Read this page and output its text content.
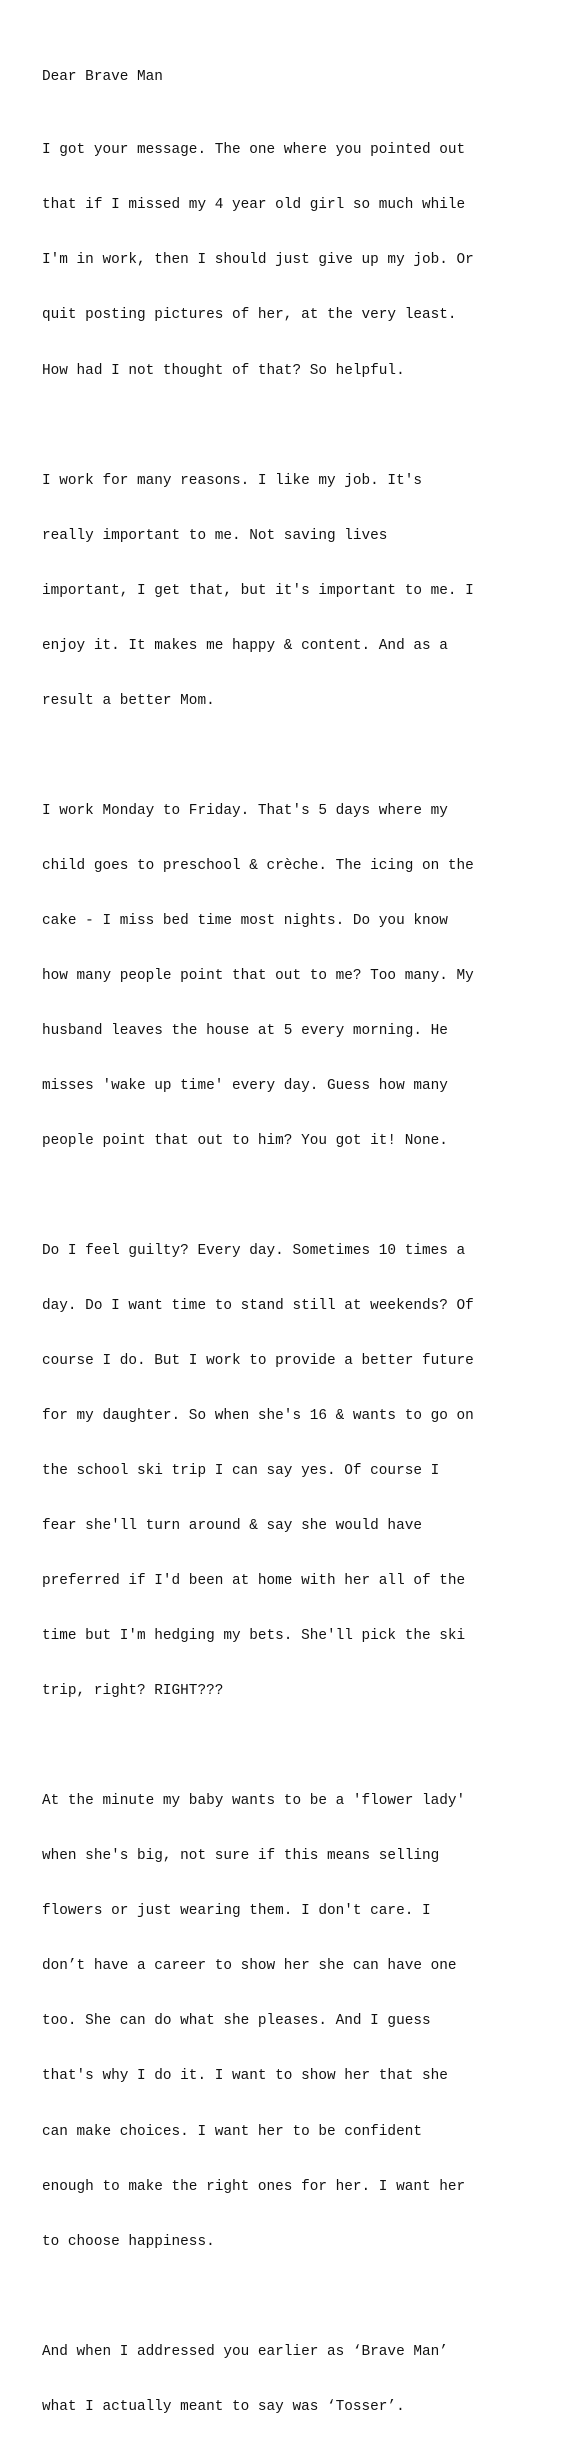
Dear Brave Man

I got your message. The one where you pointed out

that if I missed my 4 year old girl so much while

I'm in work, then I should just give up my job. Or

quit posting pictures of her, at the very least.

How had I not thought of that? So helpful.

I work for many reasons. I like my job. It's

really important to me. Not saving lives

important, I get that, but it's important to me. I

enjoy it. It makes me happy & content. And as a

result a better Mom.

I work Monday to Friday. That's 5 days where my

child goes to preschool & crèche. The icing on the

cake - I miss bed time most nights. Do you know

how many people point that out to me? Too many. My

husband leaves the house at 5 every morning. He

misses 'wake up time' every day. Guess how many

people point that out to him? You got it! None.

Do I feel guilty? Every day. Sometimes 10 times a

day. Do I want time to stand still at weekends? Of

course I do. But I work to provide a better future

for my daughter. So when she's 16 & wants to go on

the school ski trip I can say yes. Of course I

fear she'll turn around & say she would have

preferred if I'd been at home with her all of the

time but I'm hedging my bets. She'll pick the ski

trip, right? RIGHT???

At the minute my baby wants to be a 'flower lady'

when she's big, not sure if this means selling

flowers or just wearing them. I don't care. I

don’t have a career to show her she can have one

too. She can do what she pleases. And I guess

that's why I do it. I want to show her that she

can make choices. I want her to be confident

enough to make the right ones for her. I want her

to choose happiness.

And when I addressed you earlier as ‘Brave Man’

what I actually meant to say was ‘Tosser’.
